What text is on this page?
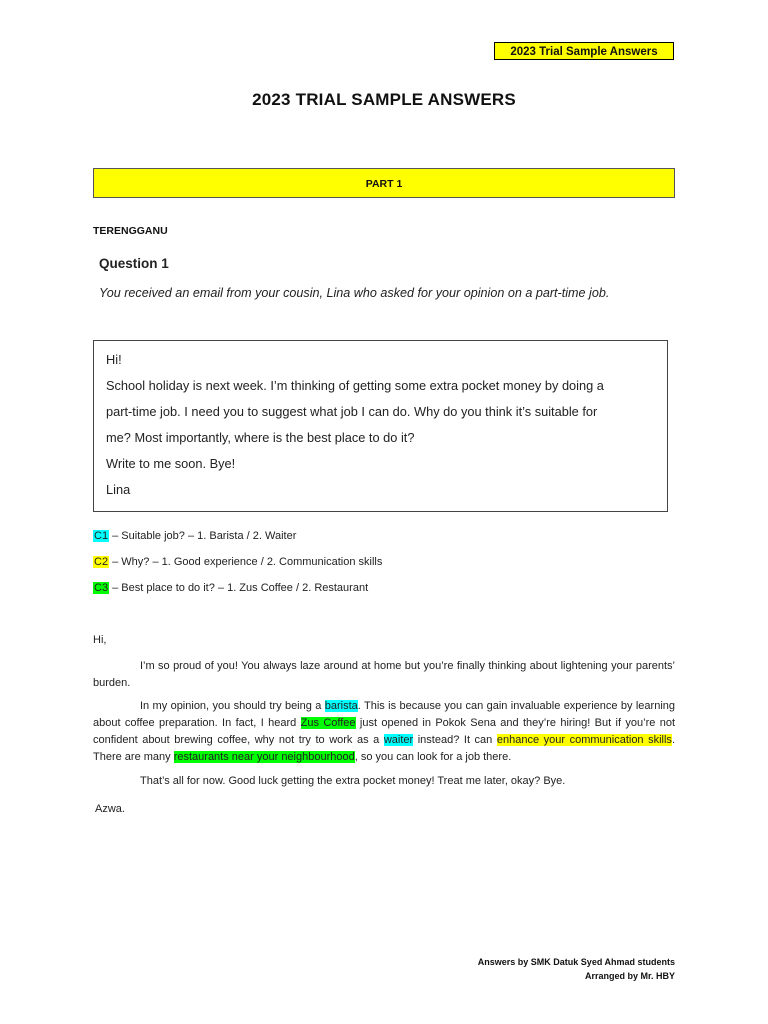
2023 Trial Sample Answers
2023 TRIAL SAMPLE ANSWERS
PART 1
TERENGGANU
Question 1
You received an email from your cousin, Lina who asked for your opinion on a part-time job.

Hi!

School holiday is next week. I’m thinking of getting some extra pocket money by doing a

part-time job. I need you to suggest what job I can do. Why do you think it’s suitable for

me? Most importantly, where is the best place to do it?

Write to me soon. Bye!

Lina

C1 – Suitable job? – 1. Barista / 2. Waiter
C2 – Why? – 1. Good experience / 2. Communication skills
C3 – Best place to do it? – 1. Zus Coffee / 2. Restaurant
Hi,

I’m so proud of you! You always laze around at home but you’re finally thinking about lightening your parents’ burden.

In my opinion, you should try being a barista. This is because you can gain invaluable experience by learning about coffee preparation. In fact, I heard Zus Coffee just opened in Pokok Sena and they’re hiring! But if you’re not confident about brewing coffee, why not try to work as a waiter instead? It can enhance your communication skills. There are many restaurants near your neighbourhood, so you can look for a job there.

That’s all for now. Good luck getting the extra pocket money! Treat me later, okay? Bye.

Azwa.
Answers by SMK Datuk Syed Ahmad students
Arranged by Mr. HBY
